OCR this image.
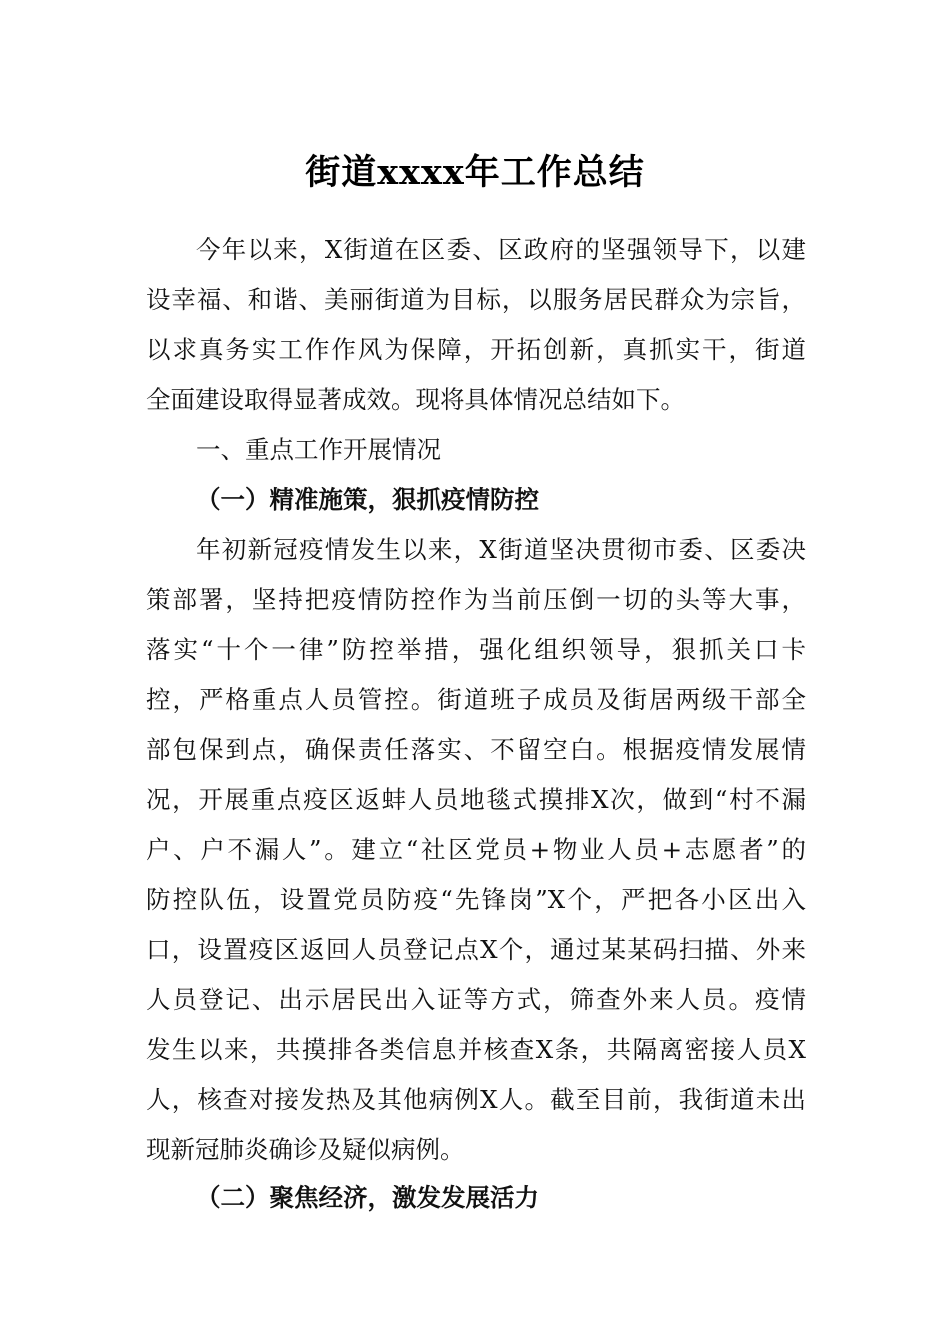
街道xxxx年工作总结
今年以来，X街道在区委、区政府的坚强领导下，以建
设幸福、和谐、美丽街道为目标，以服务居民群众为宗旨，
以求真务实工作作风为保障，开拓创新，真抓实干，街道
全面建设取得显著成效。现将具体情况总结如下。
一、重点工作开展情况
（一）精准施策，狠抓疫情防控
年初新冠疫情发生以来，X街道坚决贯彻市委、区委决
策部署，坚持把疫情防控作为当前压倒一切的头等大事，
落实“十个一律”防控举措，强化组织领导，狠抓关口卡
控，严格重点人员管控。街道班子成员及街居两级干部全
部包保到点，确保责任落实、不留空白。根据疫情发展情
况，开展重点疫区返蚌人员地毯式摸排X次，做到“村不漏
户、户不漏人”。建立“社区党员+物业人员+志愿者”的
防控队伍，设置党员防疫“先锋岗”X个，严把各小区出入
口，设置疫区返回人员登记点X个，通过某某码扫描、外来
人员登记、出示居民出入证等方式，筛查外来人员。疫情
发生以来，共摸排各类信息并核查X条，共隔离密接人员X
人，核查对接发热及其他病例X人。截至目前，我街道未出
现新冠肺炎确诊及疑似病例。
（二）聚焦经济，激发发展活力
